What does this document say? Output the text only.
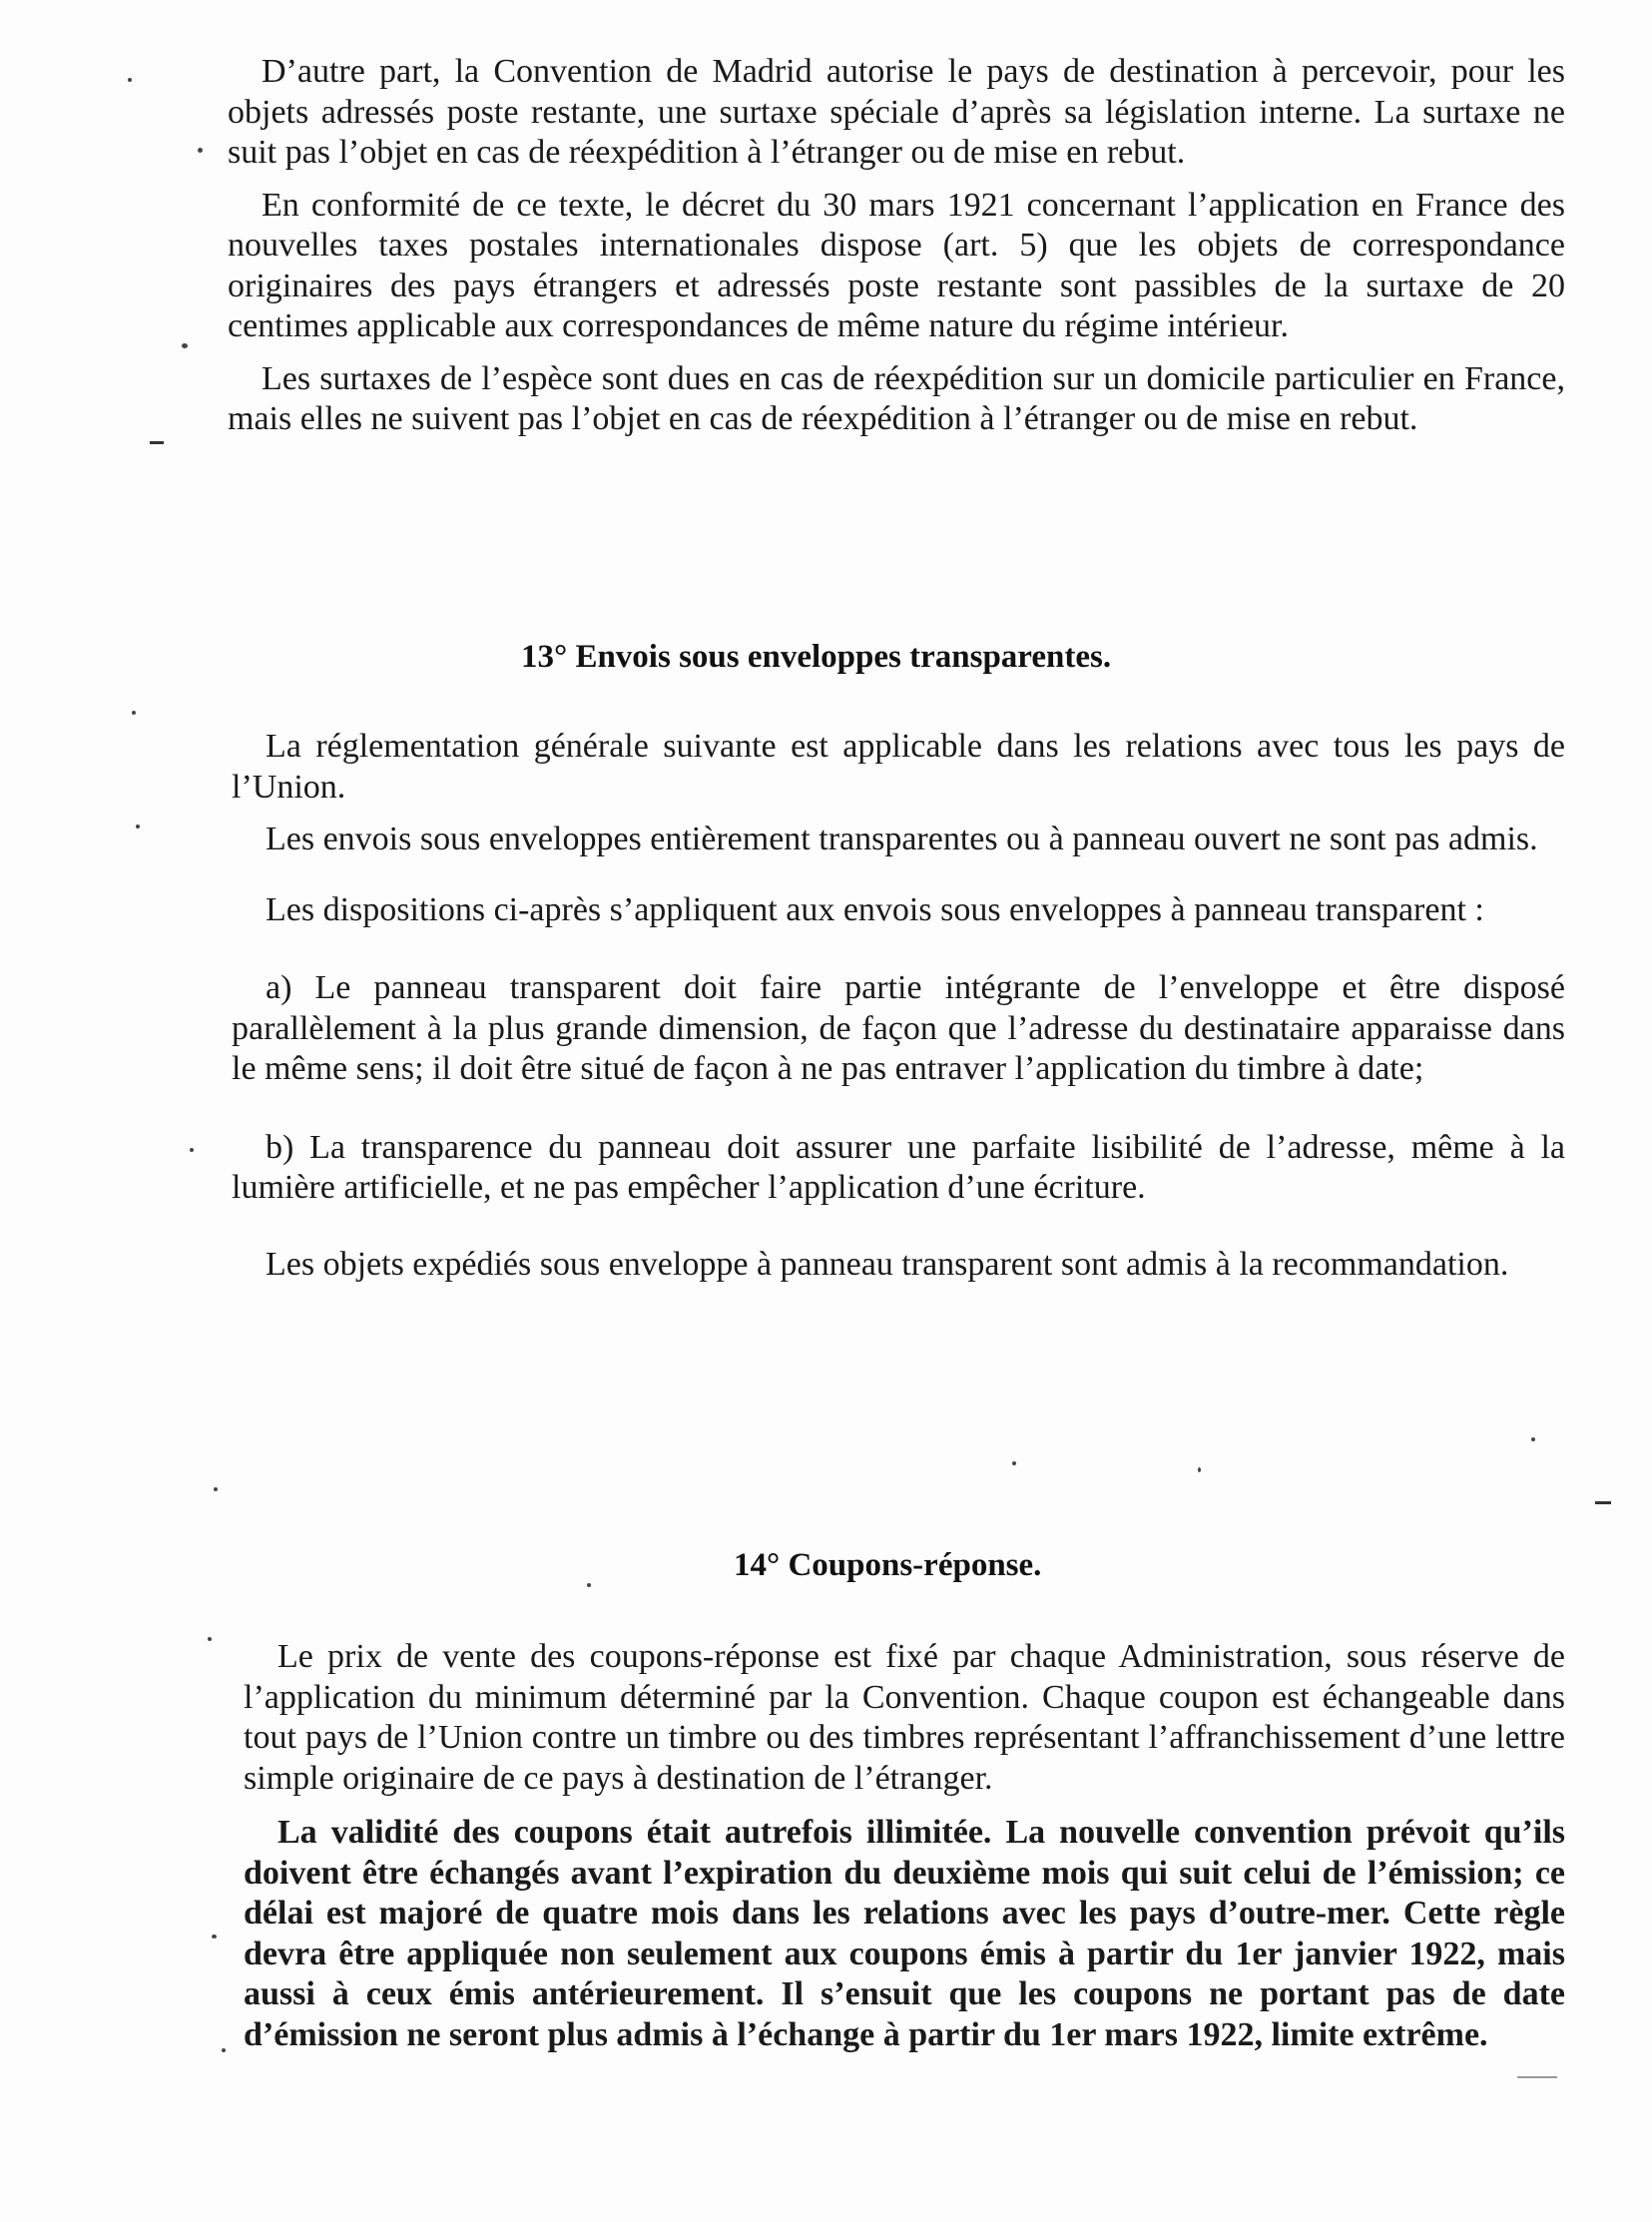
D’autre part, la Convention de Madrid autorise le pays de destination à percevoir, pour les objets adressés poste restante, une surtaxe spéciale d’après sa législation interne. La surtaxe ne suit pas l’objet en cas de réexpédition à l’étranger ou de mise en rebut.

En conformité de ce texte, le décret du 30 mars 1921 concernant l’application en France des nouvelles taxes postales internationales dispose (art. 5) que les objets de correspondance originaires des pays étrangers et adressés poste restante sont passibles de la surtaxe de 20 centimes applicable aux correspondances de même nature du régime intérieur.

Les surtaxes de l’espèce sont dues en cas de réexpédition sur un domicile particulier en France, mais elles ne suivent pas l’objet en cas de réexpédition à l’étranger ou de mise en rebut.

13° Envois sous enveloppes transparentes.

La réglementation générale suivante est applicable dans les relations avec tous les pays de l’Union.

Les envois sous enveloppes entièrement transparentes ou à panneau ouvert ne sont pas admis.

Les dispositions ci-après s’appliquent aux envois sous enveloppes à panneau transparent :

a) Le panneau transparent doit faire partie intégrante de l’enveloppe et être disposé parallèlement à la plus grande dimension, de façon que l’adresse du destinataire apparaisse dans le même sens; il doit être situé de façon à ne pas entraver l’application du timbre à date;

b) La transparence du panneau doit assurer une parfaite lisibilité de l’adresse, même à la lumière artificielle, et ne pas empêcher l’application d’une écriture.

Les objets expédiés sous enveloppe à panneau transparent sont admis à la recommandation.

14° Coupons-réponse.

Le prix de vente des coupons-réponse est fixé par chaque Administration, sous réserve de l’application du minimum déterminé par la Convention. Chaque coupon est échangeable dans tout pays de l’Union contre un timbre ou des timbres représentant l’affranchissement d’une lettre simple originaire de ce pays à destination de l’étranger.

La validité des coupons était autrefois illimitée. La nouvelle convention prévoit qu’ils doivent être échangés avant l’expiration du deuxième mois qui suit celui de l’émission; ce délai est majoré de quatre mois dans les relations avec les pays d’outre-mer. Cette règle devra être appliquée non seulement aux coupons émis à partir du 1er janvier 1922, mais aussi à ceux émis antérieurement. Il s’ensuit que les coupons ne portant pas de date d’émission ne seront plus admis à l’échange à partir du 1er mars 1922, limite extrême.
